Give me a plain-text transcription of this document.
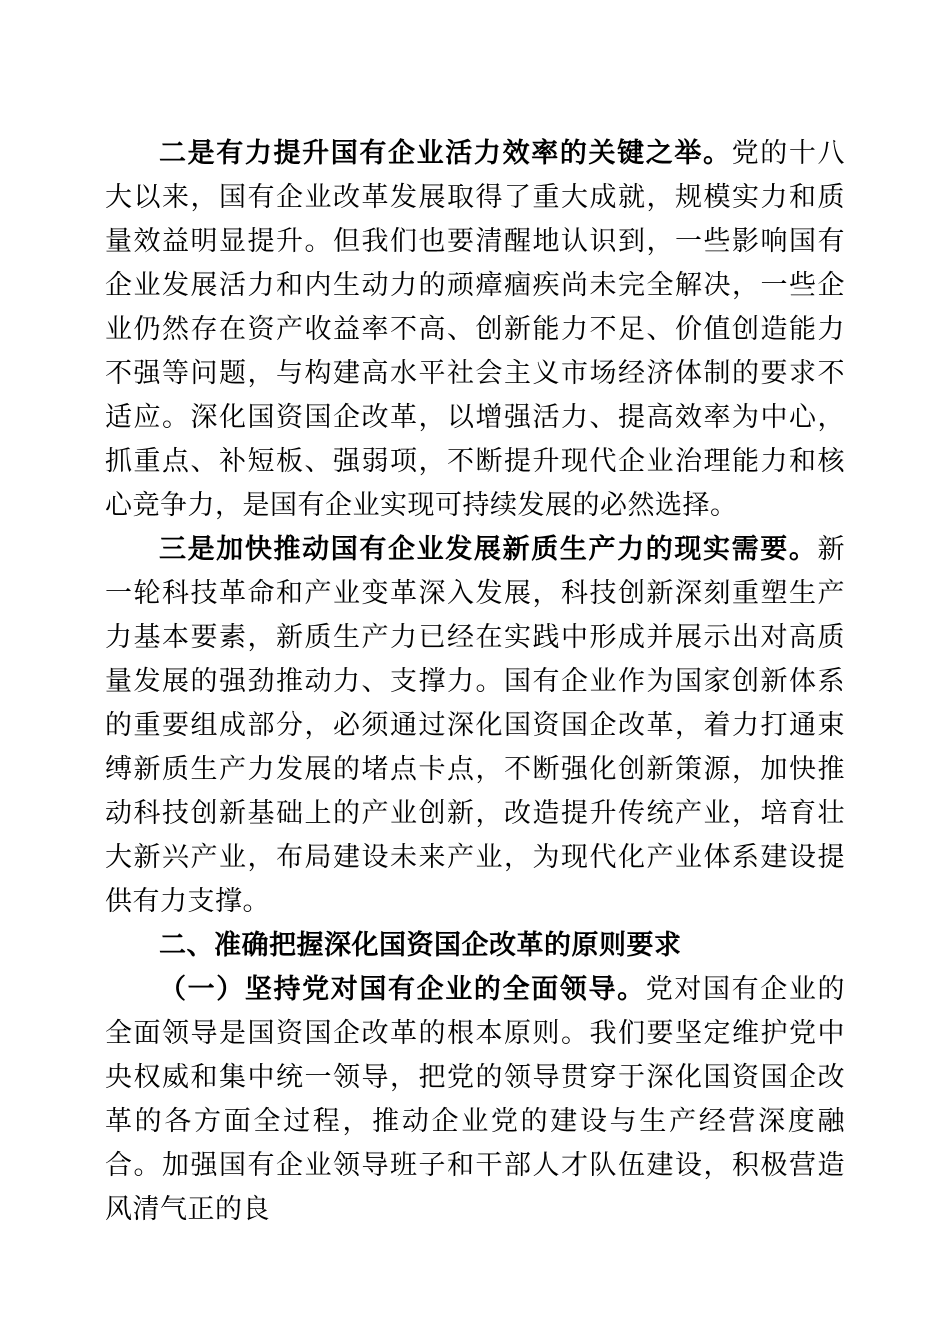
二是有力提升国有企业活力效率的关键之举。党的十八大以来，国有企业改革发展取得了重大成就，规模实力和质量效益明显提升。但我们也要清醒地认识到，一些影响国有企业发展活力和内生动力的顽瘴痼疾尚未完全解决，一些企业仍然存在资产收益率不高、创新能力不足、价值创造能力不强等问题，与构建高水平社会主义市场经济体制的要求不适应。深化国资国企改革，以增强活力、提高效率为中心，抓重点、补短板、强弱项，不断提升现代企业治理能力和核心竞争力，是国有企业实现可持续发展的必然选择。

三是加快推动国有企业发展新质生产力的现实需要。新一轮科技革命和产业变革深入发展，科技创新深刻重塑生产力基本要素，新质生产力已经在实践中形成并展示出对高质量发展的强劲推动力、支撑力。国有企业作为国家创新体系的重要组成部分，必须通过深化国资国企改革，着力打通束缚新质生产力发展的堵点卡点，不断强化创新策源，加快推动科技创新基础上的产业创新，改造提升传统产业，培育壮大新兴产业，布局建设未来产业，为现代化产业体系建设提供有力支撑。

二、准确把握深化国资国企改革的原则要求

（一）坚持党对国有企业的全面领导。党对国有企业的全面领导是国资国企改革的根本原则。我们要坚定维护党中央权威和集中统一领导，把党的领导贯穿于深化国资国企改革的各方面全过程，推动企业党的建设与生产经营深度融合。加强国有企业领导班子和干部人才队伍建设，积极营造风清气正的良
